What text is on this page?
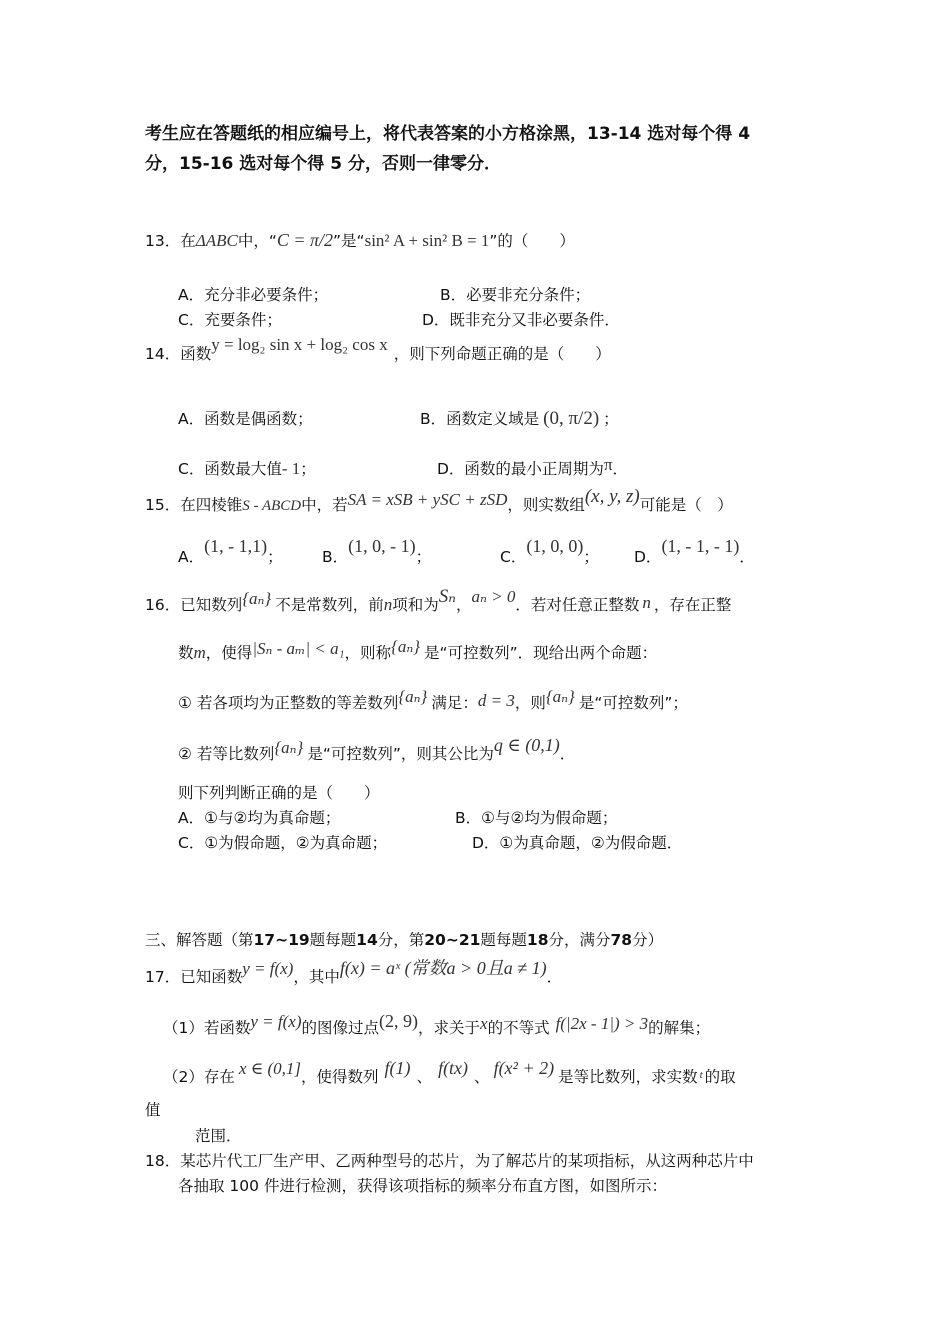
考生应在答题纸的相应编号上，将代表答案的小方格涂黑，13-14 选对每个得 4
分，15-16 选对每个得 5 分，否则一律零分．
13．在ΔABC中，“C = π/2”是“sin² A + sin² B = 1”的（　　）
A．充分非必要条件；	B．必要非充分条件；
C．充要条件；	D．既非充分又非必要条件．
14．函数y = log₂ sin x + log₂ cos x ，则下列命题正确的是（　　）
A．函数是偶函数；	B．函数定义域是 (0, π/2) ；
C．函数最大值- 1；	D．函数的最小正周期为π．
15．在四棱锥S - ABCD中，若SA = xSB + ySC + zSD，则实数组(x, y, z)可能是（　）
A．(1, - 1,1)；	B．(1, 0, - 1)；	C．(1, 0, 0)； D．(1, - 1, - 1)．
16．已知数列{aₙ} 不是常数列，前n项和为Sₙ，aₙ > 0．若对任意正整数 n ，存在正整
数m，使得|Sₙ - aₘ| < a₁，则称{aₙ} 是“可控数列”．现给出两个命题：
① 若各项均为正整数的等差数列{aₙ} 满足：d = 3，则{aₙ} 是“可控数列”；
② 若等比数列{aₙ} 是“可控数列”，则其公比为q ∈ (0,1)．
则下列判断正确的是（　　）
A．①与②均为真命题；	B．①与②均为假命题；
C．①为假命题，②为真命题；	D．①为真命题，②为假命题．
三、解答题（第17~19题每题14分，第20~21题每题18分，满分78分）
17．已知函数y = f(x)，其中f(x) = aˣ (常数a > 0且a ≠ 1)．
（1）若函数y = f(x)的图像过点(2, 9)，求关于x的不等式 f(|2x - 1|) > 3的解集；
（2）存在 x ∈ (0,1]，使得数列 f(1) 、 f(tx) 、 f(x² + 2) 是等比数列，求实数 $^t$ 的取
值
范围．
18．某芯片代工厂生产甲、乙两种型号的芯片，为了解芯片的某项指标，从这两种芯片中
各抽取 100 件进行检测，获得该项指标的频率分布直方图，如图所示：
